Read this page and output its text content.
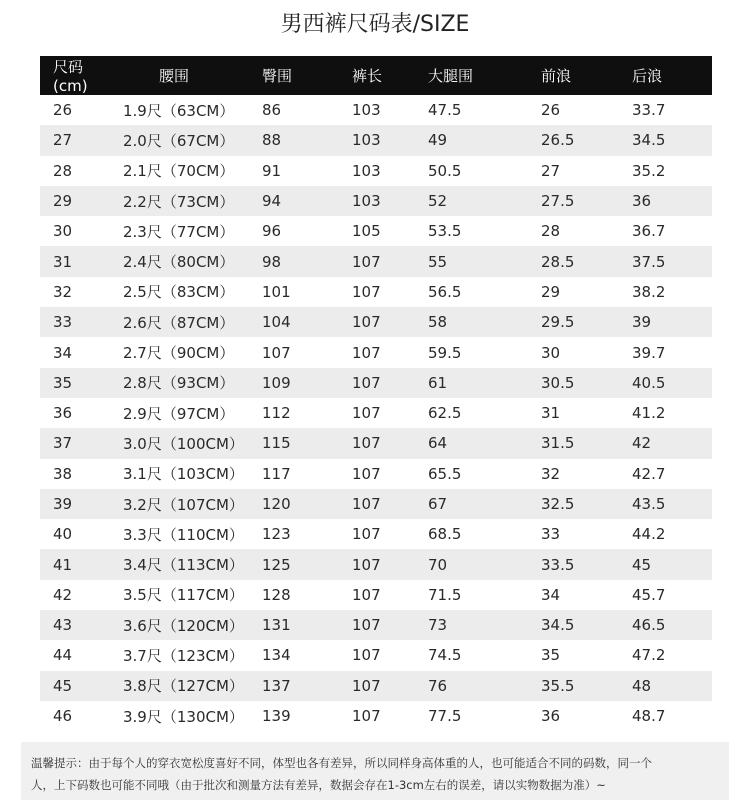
男西裤尺码表/SIZE
尺码(cm)	腰围	臀围	裤长	大腿围	前浪	后浪
26	1.9尺（63CM）	86	103	47.5	26	33.7
27	2.0尺（67CM）	88	103	49	26.5	34.5
28	2.1尺（70CM）	91	103	50.5	27	35.2
29	2.2尺（73CM）	94	103	52	27.5	36
30	2.3尺（77CM）	96	105	53.5	28	36.7
31	2.4尺（80CM）	98	107	55	28.5	37.5
32	2.5尺（83CM）	101	107	56.5	29	38.2
33	2.6尺（87CM）	104	107	58	29.5	39
34	2.7尺（90CM）	107	107	59.5	30	39.7
35	2.8尺（93CM）	109	107	61	30.5	40.5
36	2.9尺（97CM）	112	107	62.5	31	41.2
37	3.0尺（100CM）	115	107	64	31.5	42
38	3.1尺（103CM）	117	107	65.5	32	42.7
39	3.2尺（107CM）	120	107	67	32.5	43.5
40	3.3尺（110CM）	123	107	68.5	33	44.2
41	3.4尺（113CM）	125	107	70	33.5	45
42	3.5尺（117CM）	128	107	71.5	34	45.7
43	3.6尺（120CM）	131	107	73	34.5	46.5
44	3.7尺（123CM）	134	107	74.5	35	47.2
45	3.8尺（127CM）	137	107	76	35.5	48
46	3.9尺（130CM）	139	107	77.5	36	48.7
温馨提示：由于每个人的穿衣宽松度喜好不同，体型也各有差异，所以同样身高体重的人，也可能适合不同的码数，同一个
人，上下码数也可能不同哦（由于批次和测量方法有差异，数据会存在1-3cm左右的误差，请以实物数据为准）~
